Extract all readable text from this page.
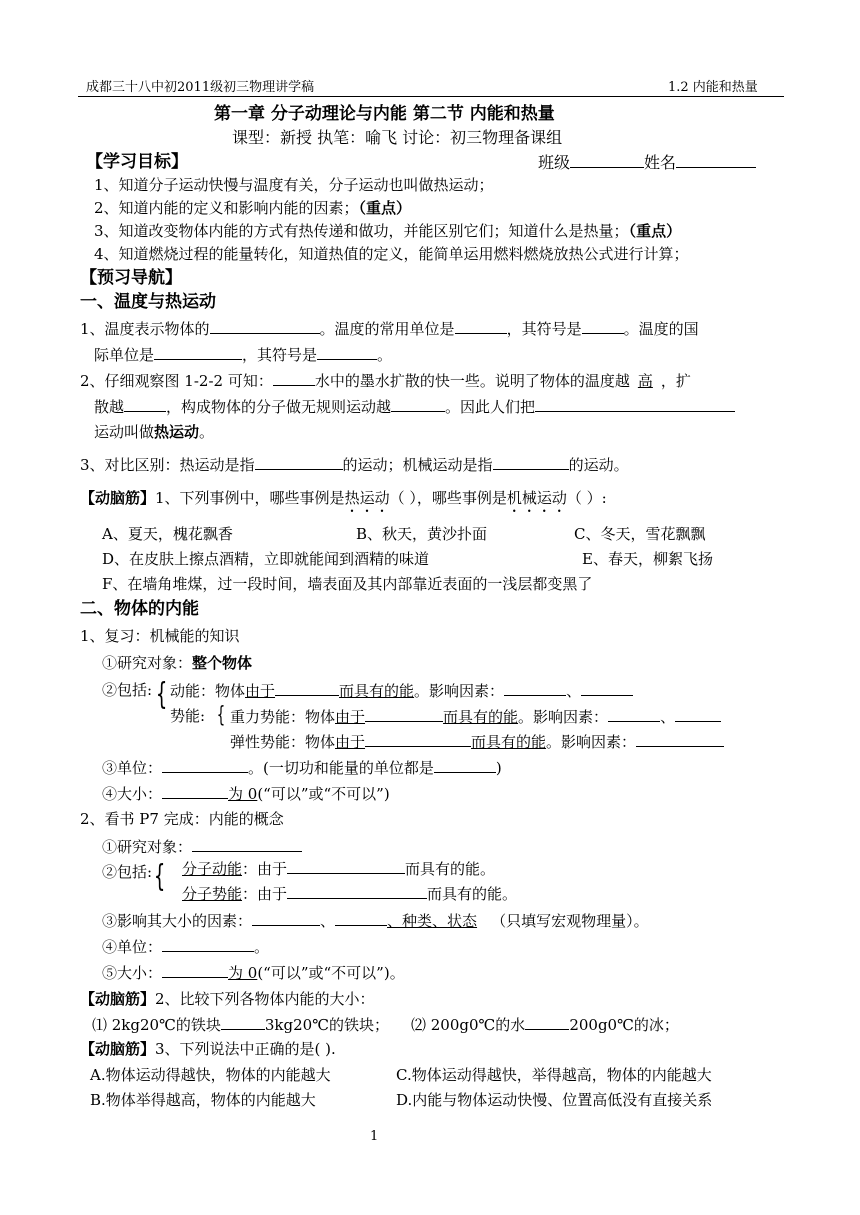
成都三十八中初2011级初三物理讲学稿	1.2 内能和热量
第一章 分子动理论与内能 第二节 内能和热量
课型：新授 执笔：喻飞 讨论：初三物理备课组
【学习目标】	班级	姓名
1、知道分子运动快慢与温度有关，分子运动也叫做热运动；
2、知道内能的定义和影响内能的因素；（重点）
3、知道改变物体内能的方式有热传递和做功，并能区别它们；知道什么是热量；（重点）
4、知道燃烧过程的能量转化，知道热值的定义，能简单运用燃料燃烧放热公式进行计算；
【预习导航】
一、温度与热运动
1、温度表示物体的	。温度的常用单位是	，其符号是	。温度的国
际单位是	，其符号是	。
2、仔细观察图 1-2-2 可知：	水中的墨水扩散的快一些。说明了物体的温度越 高 ，扩
散越	，构成物体的分子做无规则运动越	。因此人们把
运动叫做热运动。
3、对比区别：热运动是指	的运动；机械运动是指	的运动。
【动脑筋】1、下列事例中，哪些事例是热运动（ ），哪些事例是机械运动（ ）:
A、夏天，槐花飘香	B、秋天，黄沙扑面	C、冬天，雪花飘飘
D、在皮肤上擦点酒精，立即就能闻到酒精的味道	E、春天，柳絮飞扬
F、在墙角堆煤，过一段时间，墙表面及其内部靠近表面的一浅层都变黑了
二、物体的内能
1、复习：机械能的知识
①研究对象：整个物体
②包括: { 动能：物体由于	而具有的能。影响因素：	、
势能: { 重力势能：物体由于	而具有的能。影响因素：	、
弹性势能：物体由于	而具有的能。影响因素：
③单位：	。(一切功和能量的单位都是	)
④大小：	为 0(“可以”或“不可以”)
2、看书 P7 完成：内能的概念
①研究对象：
②包括: {	分子动能：由于	而具有的能。
分子势能：由于	而具有的能。
③影响其大小的因素：	、	、种类、状态 （只填写宏观物理量）。
④单位：	。
⑤大小：	为 0(“可以”或“不可以”)。
【动脑筋】2、比较下列各物体内能的大小：
⑴ 2kg20℃的铁块	3kg20℃的铁块； ⑵ 200g0℃的水	200g0℃的冰；
【动脑筋】3、下列说法中正确的是( ).
A.物体运动得越快，物体的内能越大	C.物体运动得越快，举得越高，物体的内能越大
B.物体举得越高，物体的内能越大	D.内能与物体运动快慢、位置高低没有直接关系
1
